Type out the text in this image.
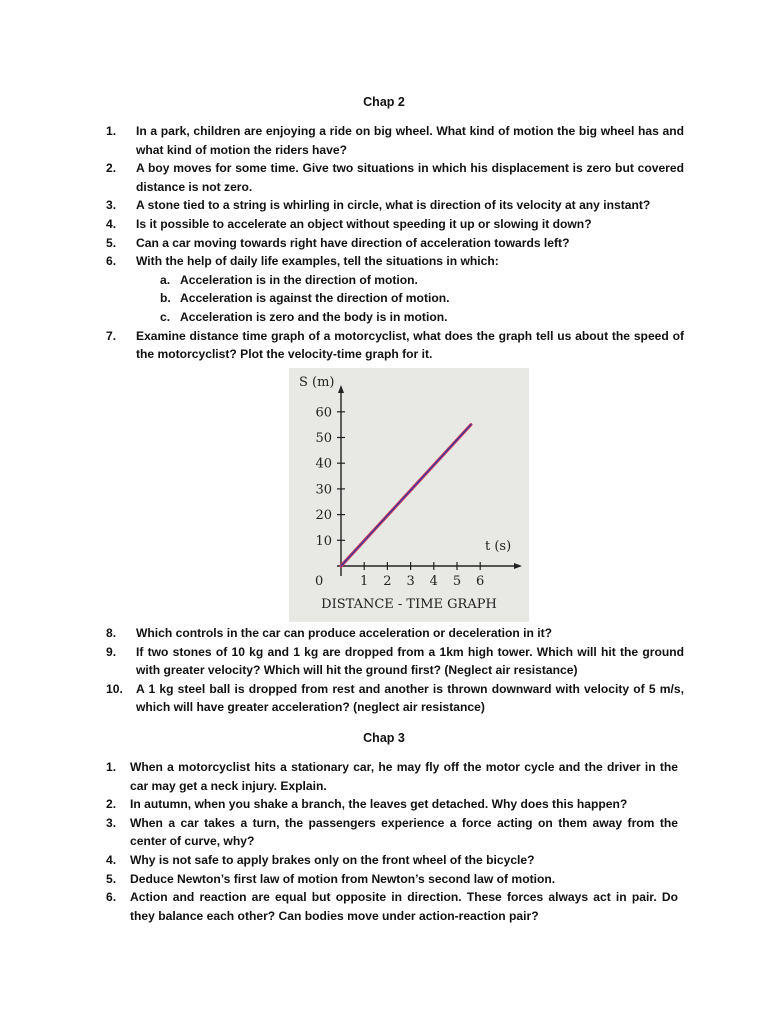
Chap 2
1.	In a park, children are enjoying a ride on big wheel. What kind of motion the big wheel has and what kind of motion the riders have?
2.	A boy moves for some time. Give two situations in which his displacement is zero but covered distance is not zero.
3.	A stone tied to a string is whirling in circle, what is direction of its velocity at any instant?
4.	Is it possible to accelerate an object without speeding it up or slowing it down?
5.	Can a car moving towards right have direction of acceleration towards left?
6.	With the help of daily life examples, tell the situations in which:
a. Acceleration is in the direction of motion.
b. Acceleration is against the direction of motion.
c. Acceleration is zero and the body is in motion.
7.	Examine distance time graph of a motorcyclist, what does the graph tell us about the speed of the motorcyclist? Plot the velocity-time graph for it.
S (m)
t (s)
0
10
20
30
40
50
60
1 2 3 4 5 6
DISTANCE - TIME GRAPH
8.	Which controls in the car can produce acceleration or deceleration in it?
9.	If two stones of 10 kg and 1 kg are dropped from a 1km high tower. Which will hit the ground with greater velocity? Which will hit the ground first? (Neglect air resistance)
10.	A 1 kg steel ball is dropped from rest and another is thrown downward with velocity of 5 m/s, which will have greater acceleration? (neglect air resistance)
Chap 3
1.	When a motorcyclist hits a stationary car, he may fly off the motor cycle and the driver in the car may get a neck injury. Explain.
2.	In autumn, when you shake a branch, the leaves get detached. Why does this happen?
3.	When a car takes a turn, the passengers experience a force acting on them away from the center of curve, why?
4.	Why is not safe to apply brakes only on the front wheel of the bicycle?
5.	Deduce Newton’s first law of motion from Newton’s second law of motion.
6.	Action and reaction are equal but opposite in direction. These forces always act in pair. Do they balance each other? Can bodies move under action-reaction pair?
